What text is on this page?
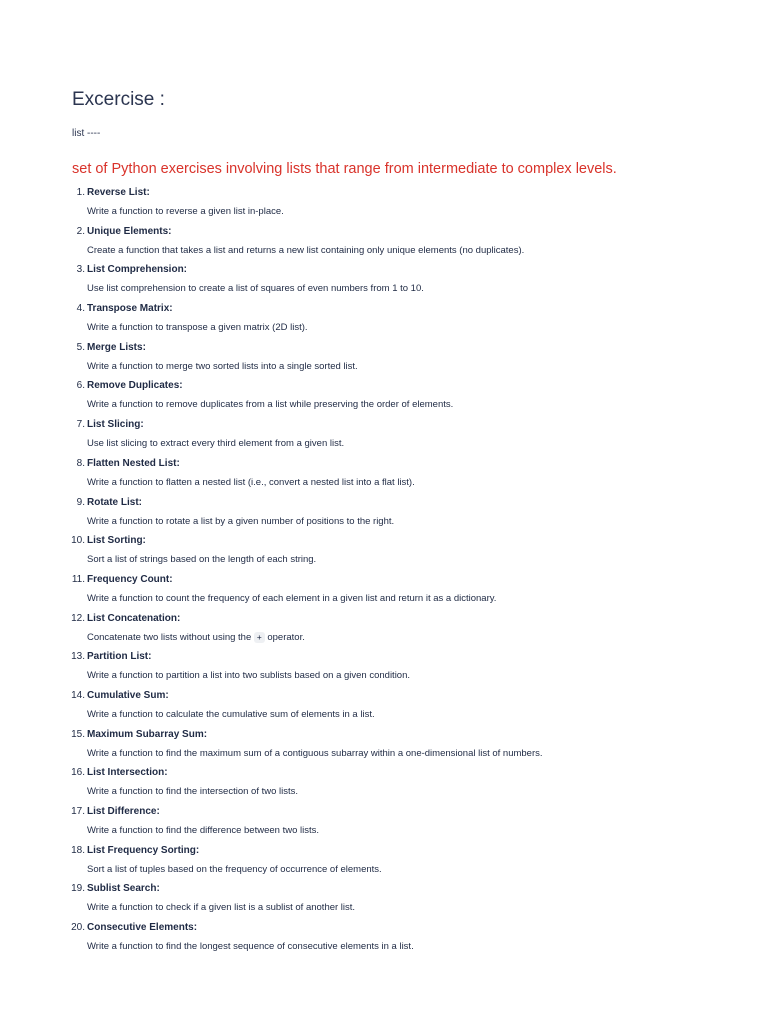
Excercise :

list ----

set of Python exercises involving lists that range from intermediate to complex levels.

1. Reverse List:
Write a function to reverse a given list in-place.
2. Unique Elements:
Create a function that takes a list and returns a new list containing only unique elements (no duplicates).
3. List Comprehension:
Use list comprehension to create a list of squares of even numbers from 1 to 10.
4. Transpose Matrix:
Write a function to transpose a given matrix (2D list).
5. Merge Lists:
Write a function to merge two sorted lists into a single sorted list.
6. Remove Duplicates:
Write a function to remove duplicates from a list while preserving the order of elements.
7. List Slicing:
Use list slicing to extract every third element from a given list.
8. Flatten Nested List:
Write a function to flatten a nested list (i.e., convert a nested list into a flat list).
9. Rotate List:
Write a function to rotate a list by a given number of positions to the right.
10. List Sorting:
Sort a list of strings based on the length of each string.
11. Frequency Count:
Write a function to count the frequency of each element in a given list and return it as a dictionary.
12. List Concatenation:
Concatenate two lists without using the + operator.
13. Partition List:
Write a function to partition a list into two sublists based on a given condition.
14. Cumulative Sum:
Write a function to calculate the cumulative sum of elements in a list.
15. Maximum Subarray Sum:
Write a function to find the maximum sum of a contiguous subarray within a one-dimensional list of numbers.
16. List Intersection:
Write a function to find the intersection of two lists.
17. List Difference:
Write a function to find the difference between two lists.
18. List Frequency Sorting:
Sort a list of tuples based on the frequency of occurrence of elements.
19. Sublist Search:
Write a function to check if a given list is a sublist of another list.
20. Consecutive Elements:
Write a function to find the longest sequence of consecutive elements in a list.
